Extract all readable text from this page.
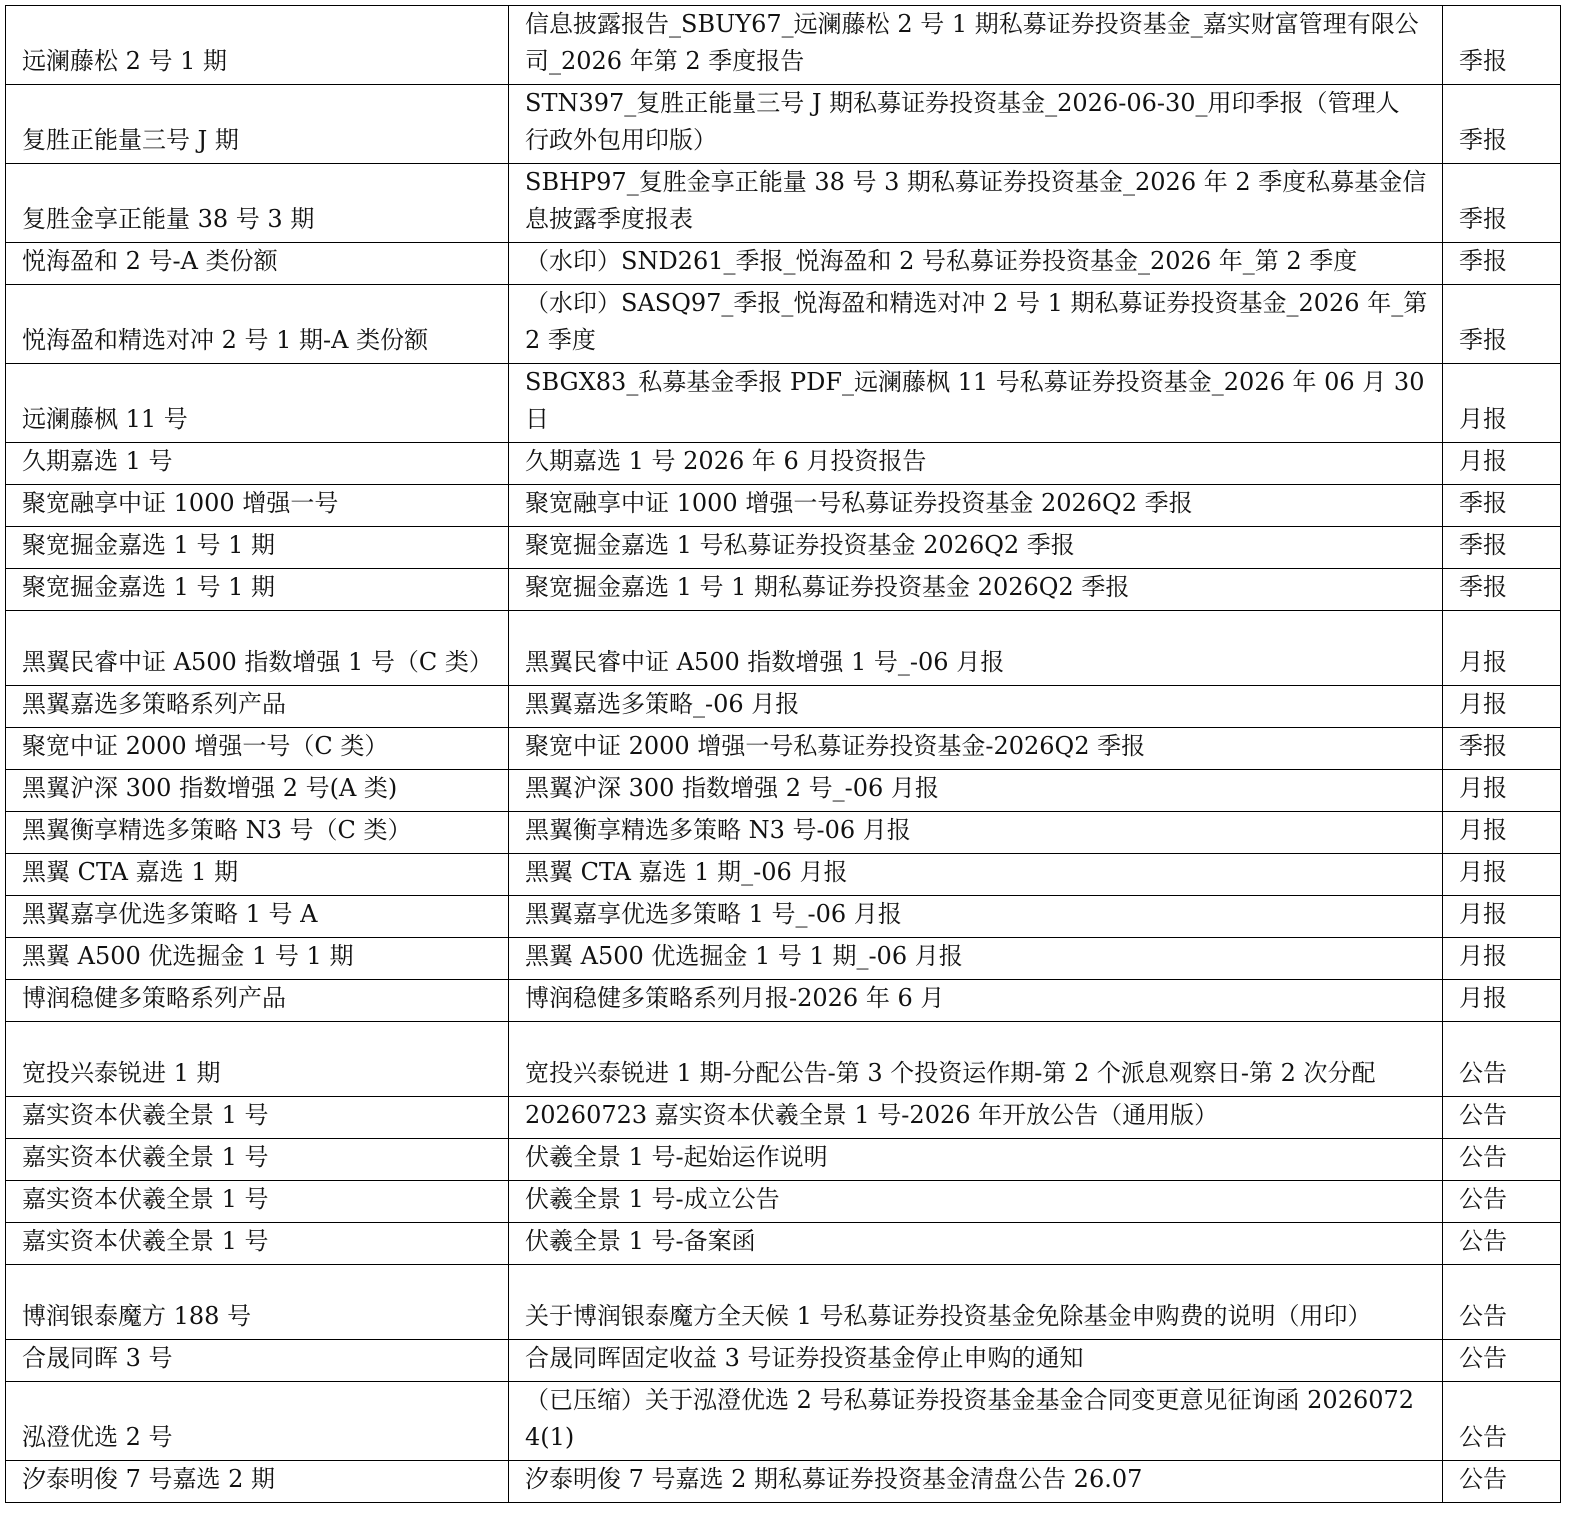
远澜藤松 2 号 1 期	信息披露报告_SBUY67_远澜藤松 2 号 1 期私募证券投资基金_嘉实财富管理有限公司_2026 年第 2 季度报告	季报
复胜正能量三号 J 期	STN397_复胜正能量三号 J 期私募证券投资基金_2026-06-30_用印季报（管理人 行政外包用印版）	季报
复胜金享正能量 38 号 3 期	SBHP97_复胜金享正能量 38 号 3 期私募证券投资基金_2026 年 2 季度私募基金信息披露季度报表	季报
悦海盈和 2 号-A 类份额	（水印）SND261_季报_悦海盈和 2 号私募证券投资基金_2026 年_第 2 季度	季报
悦海盈和精选对冲 2 号 1 期-A 类份额	（水印）SASQ97_季报_悦海盈和精选对冲 2 号 1 期私募证券投资基金_2026 年_第 2 季度	季报
远澜藤枫 11 号	SBGX83_私募基金季报 PDF_远澜藤枫 11 号私募证券投资基金_2026 年 06 月 30 日	月报
久期嘉选 1 号	久期嘉选 1 号 2026 年 6 月投资报告	月报
聚宽融享中证 1000 增强一号	聚宽融享中证 1000 增强一号私募证券投资基金 2026Q2 季报	季报
聚宽掘金嘉选 1 号 1 期	聚宽掘金嘉选 1 号私募证券投资基金 2026Q2 季报	季报
聚宽掘金嘉选 1 号 1 期	聚宽掘金嘉选 1 号 1 期私募证券投资基金 2026Q2 季报	季报
黑翼民睿中证 A500 指数增强 1 号（C 类）	黑翼民睿中证 A500 指数增强 1 号_-06 月报	月报
黑翼嘉选多策略系列产品	黑翼嘉选多策略_-06 月报	月报
聚宽中证 2000 增强一号（C 类）	聚宽中证 2000 增强一号私募证券投资基金-2026Q2 季报	季报
黑翼沪深 300 指数增强 2 号(A 类)	黑翼沪深 300 指数增强 2 号_-06 月报	月报
黑翼衡享精选多策略 N3 号（C 类）	黑翼衡享精选多策略 N3 号-06 月报	月报
黑翼 CTA 嘉选 1 期	黑翼 CTA 嘉选 1 期_-06 月报	月报
黑翼嘉享优选多策略 1 号 A	黑翼嘉享优选多策略 1 号_-06 月报	月报
黑翼 A500 优选掘金 1 号 1 期	黑翼 A500 优选掘金 1 号 1 期_-06 月报	月报
博润稳健多策略系列产品	博润稳健多策略系列月报-2026 年 6 月	月报
宽投兴泰锐进 1 期	宽投兴泰锐进 1 期-分配公告-第 3 个投资运作期-第 2 个派息观察日-第 2 次分配	公告
嘉实资本伏羲全景 1 号	20260723 嘉实资本伏羲全景 1 号-2026 年开放公告（通用版）	公告
嘉实资本伏羲全景 1 号	伏羲全景 1 号-起始运作说明	公告
嘉实资本伏羲全景 1 号	伏羲全景 1 号-成立公告	公告
嘉实资本伏羲全景 1 号	伏羲全景 1 号-备案函	公告
博润银泰魔方 188 号	关于博润银泰魔方全天候 1 号私募证券投资基金免除基金申购费的说明（用印）	公告
合晟同晖 3 号	合晟同晖固定收益 3 号证券投资基金停止申购的通知	公告
泓澄优选 2 号	（已压缩）关于泓澄优选 2 号私募证券投资基金基金合同变更意见征询函 20260724(1)	公告
汐泰明俊 7 号嘉选 2 期	汐泰明俊 7 号嘉选 2 期私募证券投资基金清盘公告 26.07	公告
